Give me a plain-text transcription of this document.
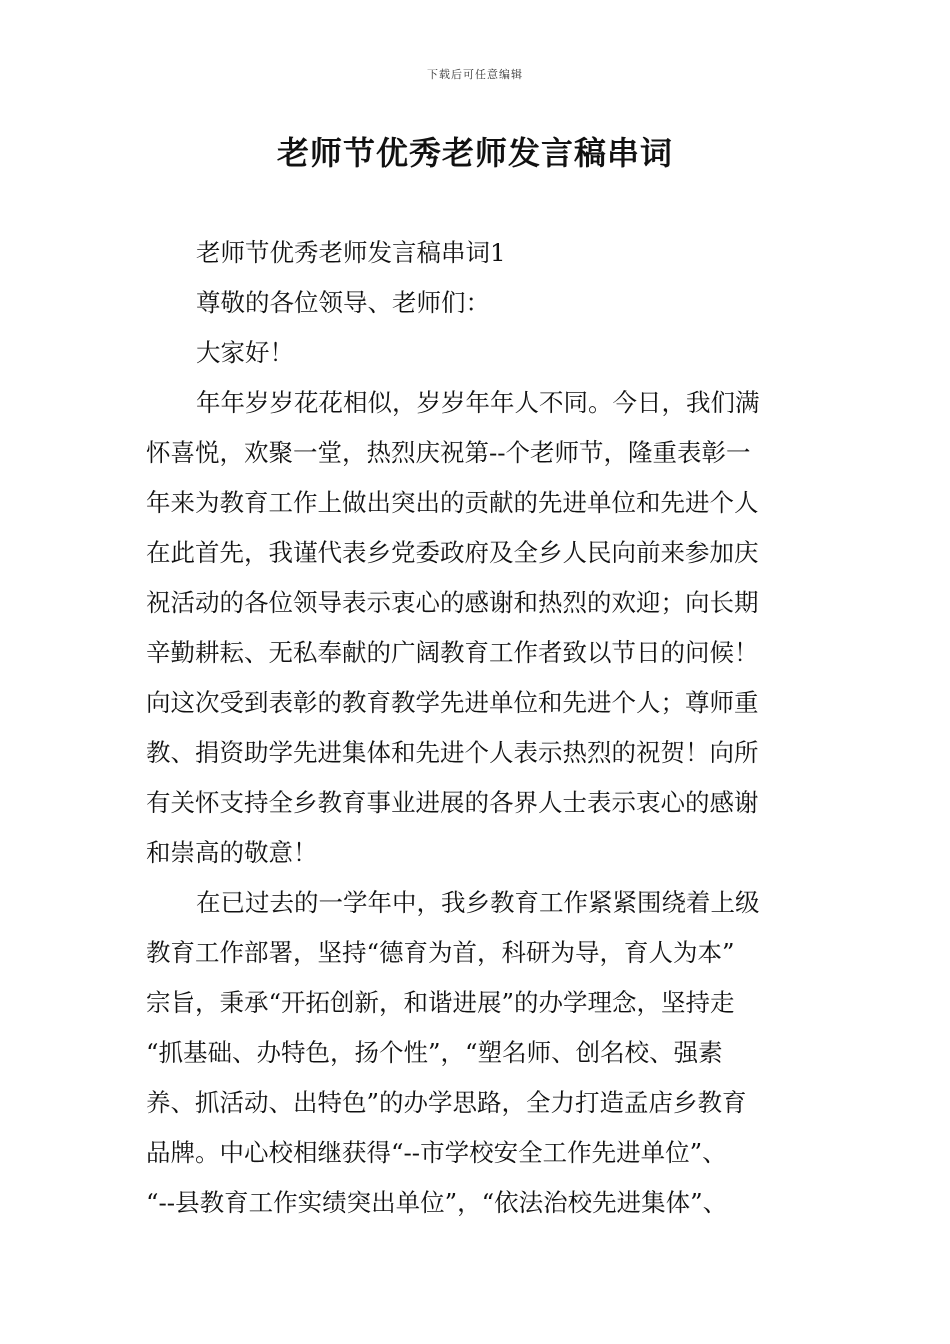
下载后可任意编辑
老师节优秀老师发言稿串词
老师节优秀老师发言稿串词1
尊敬的各位领导、老师们：
大家好！
年年岁岁花花相似，岁岁年年人不同。今日，我们满
怀喜悦，欢聚一堂，热烈庆祝第--个老师节，隆重表彰一
年来为教育工作上做出突出的贡献的先进单位和先进个人
在此首先，我谨代表乡党委政府及全乡人民向前来参加庆
祝活动的各位领导表示衷心的感谢和热烈的欢迎；向长期
辛勤耕耘、无私奉献的广阔教育工作者致以节日的问候！
向这次受到表彰的教育教学先进单位和先进个人；尊师重
教、捐资助学先进集体和先进个人表示热烈的祝贺！向所
有关怀支持全乡教育事业进展的各界人士表示衷心的感谢
和崇高的敬意！
在已过去的一学年中，我乡教育工作紧紧围绕着上级
教育工作部署，坚持“德育为首，科研为导，育人为本”
宗旨，秉承“开拓创新，和谐进展”的办学理念，坚持走
“抓基础、办特色，扬个性”，“塑名师、创名校、强素
养、抓活动、出特色”的办学思路，全力打造孟店乡教育
品牌。中心校相继获得“--市学校安全工作先进单位”、
“--县教育工作实绩突出单位”，“依法治校先进集体”、
